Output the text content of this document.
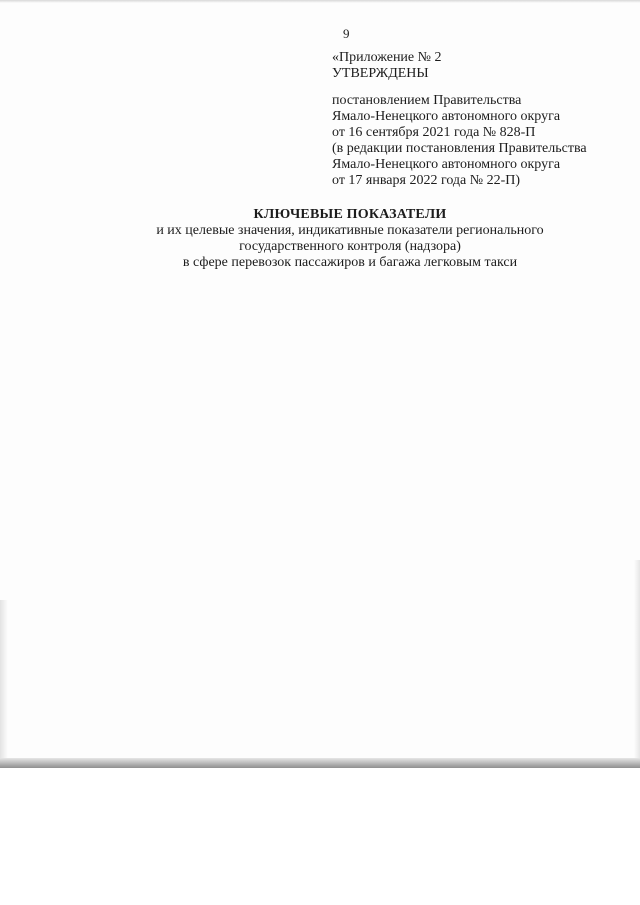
9

«Приложение № 2
УТВЕРЖДЕНЫ
постановлением Правительства
Ямало-Ненецкого автономного округа
от 16 сентября 2021 года № 828-П
(в редакции постановления Правительства
Ямало-Ненецкого автономного округа
от 17 января 2022 года № 22-П)
КЛЮЧЕВЫЕ ПОКАЗАТЕЛИ
и их целевые значения, индикативные показатели регионального
государственного контроля (надзора)
в сфере перевозок пассажиров и багажа легковым такси
